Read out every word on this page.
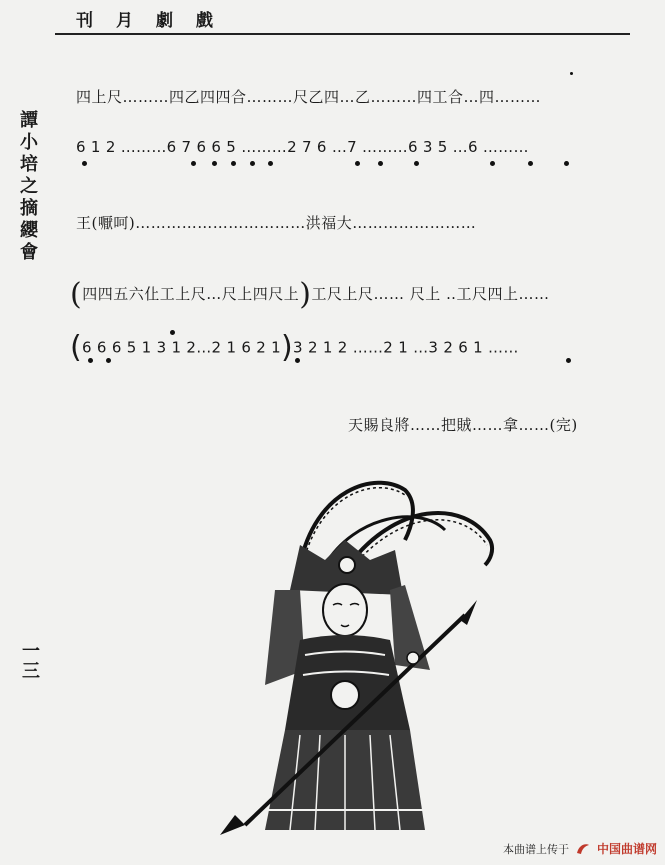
刊 月 劇 戲
譚小培之摘纓會
一三
四上尺………四乙四四合………尺乙四…乙………四工合…四………
6 1 2 ………6 7 6 6 5 ………2 7 6 …7 ………6 3 5 …6 ………
王(嚈呵)……………………………洪福大……………………
(四四五六仩工上尺…尺上四尺上)工尺上尺…… 尺上 ‥工尺四上……
(6 6 6 5 1 3 1 2…2 1 6 2 1)3 2 1 2 ……2 1 …3 2 6 1 ……
天賜良將……把賊……拿……(完)
本曲谱上传于 中国曲谱网
